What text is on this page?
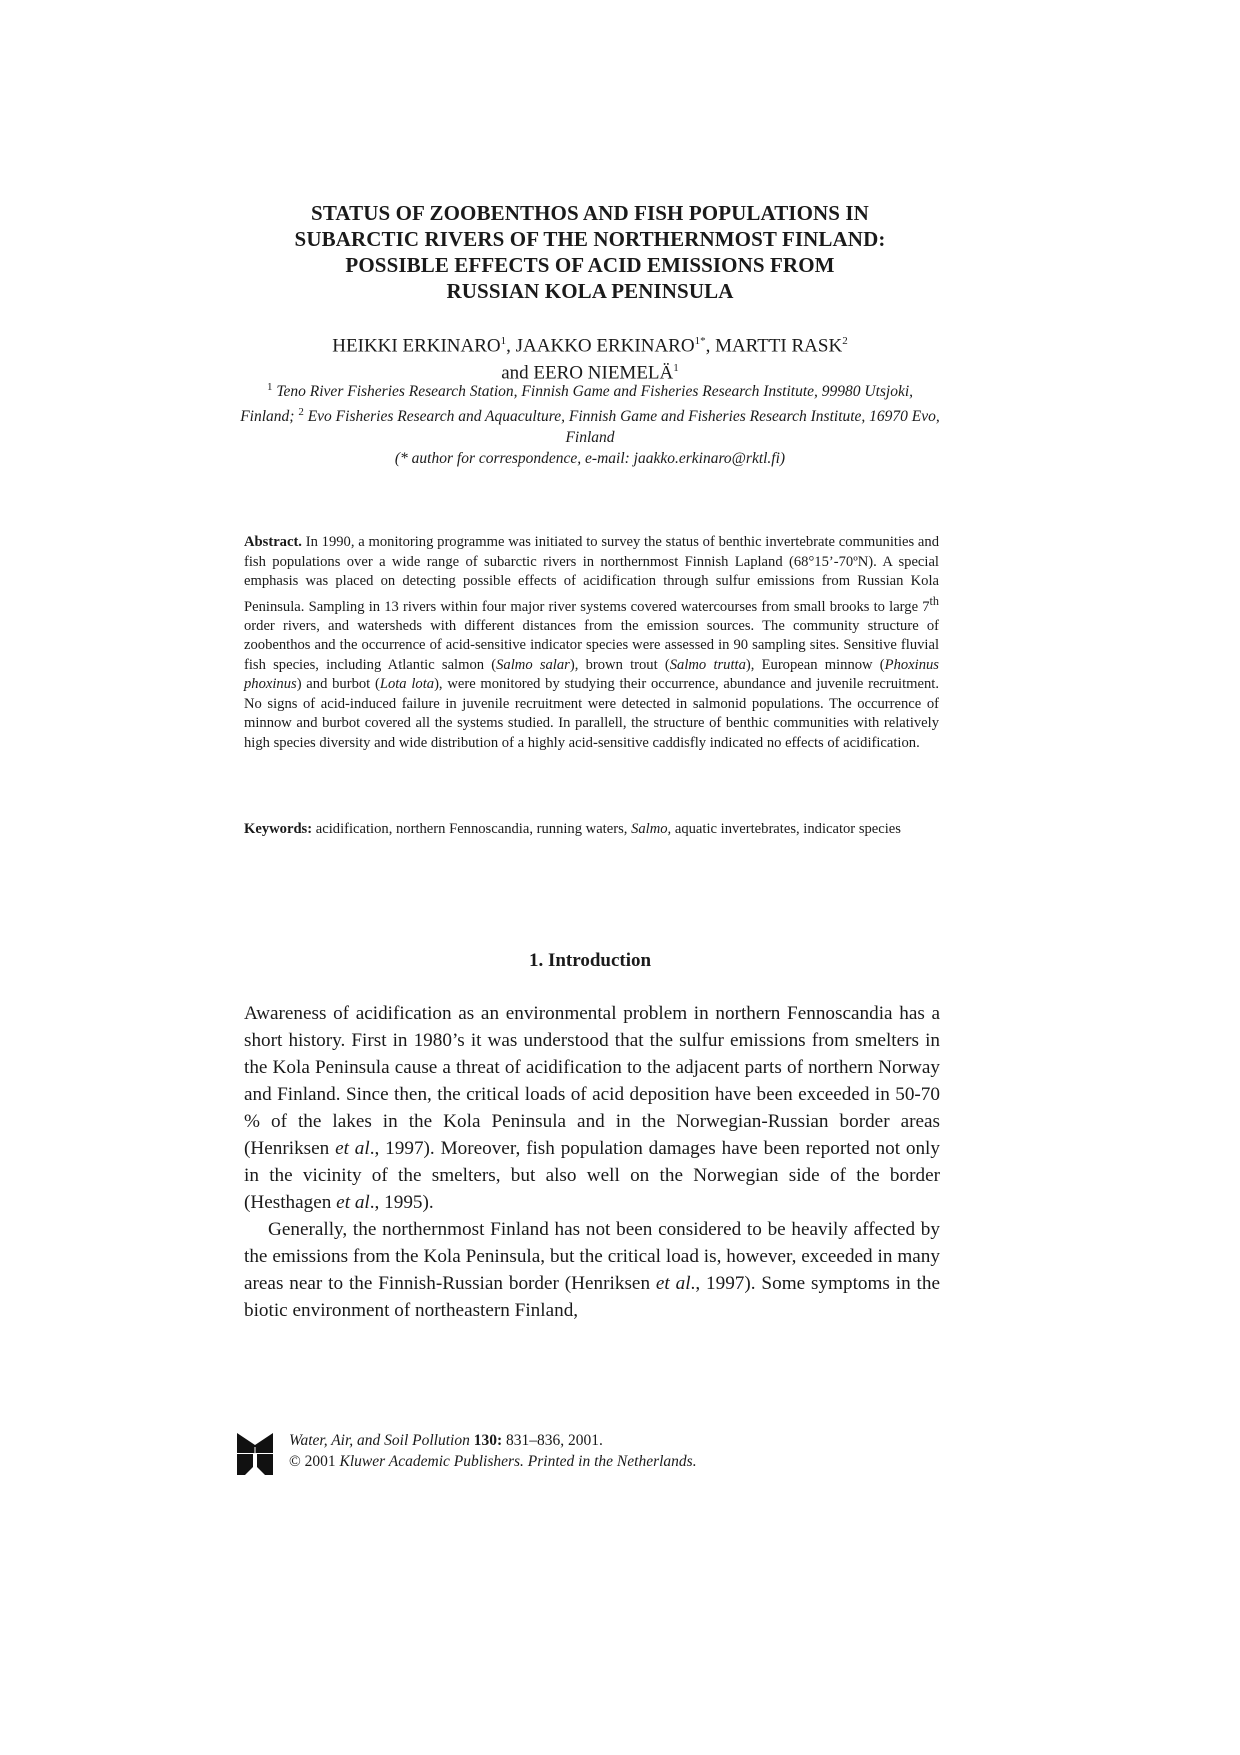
STATUS OF ZOOBENTHOS AND FISH POPULATIONS IN
SUBARCTIC RIVERS OF THE NORTHERNMOST FINLAND:
POSSIBLE EFFECTS OF ACID EMISSIONS FROM
RUSSIAN KOLA PENINSULA
HEIKKI ERKINARO$^1$, JAAKKO $ERKINARO^{1*}$, MARTTI RASK$^2$
and EERO NIEMELÄ$^1$
$^1$ Teno River Fisheries Research Station, Finnish Game and Fisheries Research Institute, 99980 Utsjoki, Finland; $^2$ Evo Fisheries Research and Aquaculture, Finnish Game and Fisheries Research Institute, 16970 Evo, Finland
(* author for correspondence, e-mail: jaakko.erkinaro@rktl.fi)
Abstract. In 1990, a monitoring programme was initiated to survey the status of benthic invertebrate communities and fish populations over a wide range of subarctic rivers in northernmost Finnish Lapland (68°15’-70ºN). A special emphasis was placed on detecting possible effects of acidification through sulfur emissions from Russian Kola Peninsula. Sampling in 13 rivers within four major river systems covered watercourses from small brooks to large 7th order rivers, and watersheds with different distances from the emission sources. The community structure of zoobenthos and the occurrence of acid-sensitive indicator species were assessed in 90 sampling sites. Sensitive fluvial fish species, including Atlantic salmon (Salmo salar), brown trout (Salmo trutta), European minnow (Phoxinus phoxinus) and burbot (Lota lota), were monitored by studying their occurrence, abundance and juvenile recruitment. No signs of acid-induced failure in juvenile recruitment were detected in salmonid populations. The occurrence of minnow and burbot covered all the systems studied. In parallell, the structure of benthic communities with relatively high species diversity and wide distribution of a highly acid-sensitive caddisfly indicated no effects of acidification.
Keywords: acidification, northern Fennoscandia, running waters, Salmo, aquatic invertebrates, indicator species
1. Introduction

Awareness of acidification as an environmental problem in northern Fennoscandia has a short history. First in 1980’s it was understood that the sulfur emissions from smelters in the Kola Peninsula cause a threat of acidification to the adjacent parts of northern Norway and Finland. Since then, the critical loads of acid deposition have been exceeded in 50-70 % of the lakes in the Kola Peninsula and in the Norwegian-Russian border areas (Henriksen et al., 1997). Moreover, fish population damages have been reported not only in the vicinity of the smelters, but also well on the Norwegian side of the border (Hesthagen et al., 1995).

Generally, the northernmost Finland has not been considered to be heavily affected by the emissions from the Kola Peninsula, but the critical load is, however, exceeded in many areas near to the Finnish-Russian border (Henriksen et al., 1997). Some symptoms in the biotic environment of northeastern Finland,

Water, Air, and Soil Pollution 130: 831–836, 2001.
© 2001 Kluwer Academic Publishers. Printed in the Netherlands.
